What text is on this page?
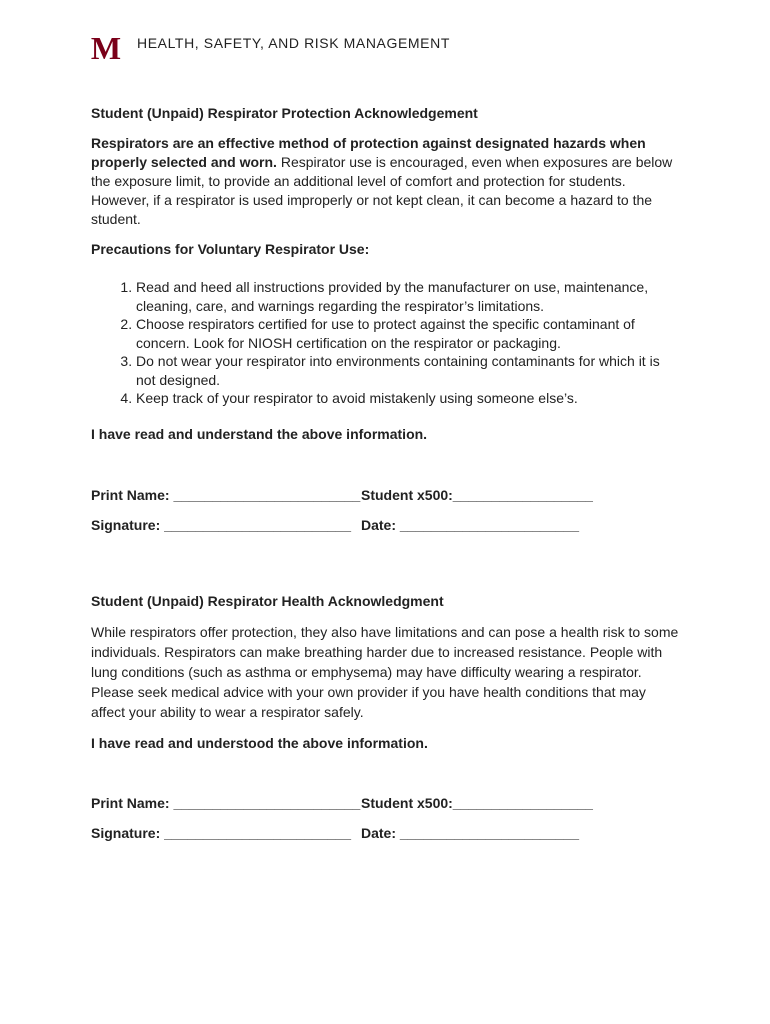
M HEALTH, SAFETY, AND RISK MANAGEMENT

Student (Unpaid) Respirator Protection Acknowledgement

Respirators are an effective method of protection against designated hazards when properly selected and worn. Respirator use is encouraged, even when exposures are below the exposure limit, to provide an additional level of comfort and protection for students. However, if a respirator is used improperly or not kept clean, it can become a hazard to the student.

Precautions for Voluntary Respirator Use:

1. Read and heed all instructions provided by the manufacturer on use, maintenance, cleaning, care, and warnings regarding the respirator’s limitations.
2. Choose respirators certified for use to protect against the specific contaminant of concern. Look for NIOSH certification on the respirator or packaging.
3. Do not wear your respirator into environments containing contaminants for which it is not designed.
4. Keep track of your respirator to avoid mistakenly using someone else’s.

I have read and understand the above information.

Print Name: ________________________ Student x500:__________________
Signature: ________________________ Date: _______________________

Student (Unpaid) Respirator Health Acknowledgment

While respirators offer protection, they also have limitations and can pose a health risk to some individuals. Respirators can make breathing harder due to increased resistance. People with lung conditions (such as asthma or emphysema) may have difficulty wearing a respirator. Please seek medical advice with your own provider if you have health conditions that may affect your ability to wear a respirator safely.

I have read and understood the above information.

Print Name: ________________________ Student x500:__________________
Signature: ________________________ Date: _______________________
